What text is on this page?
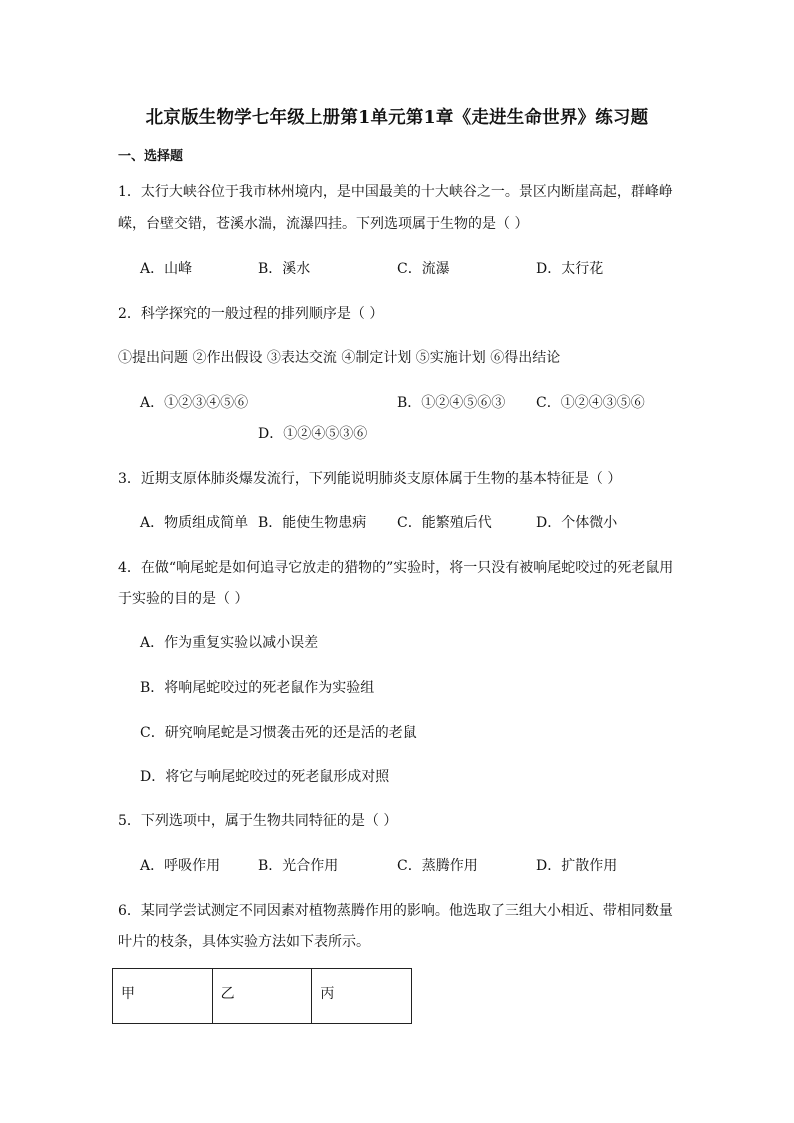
北京版生物学七年级上册第1单元第1章《走进生命世界》练习题
一、选择题
1．太行大峡谷位于我市林州境内，是中国最美的十大峡谷之一。景区内断崖高起，群峰峥
嵘，台壁交错，苍溪水湍，流瀑四挂。下列选项属于生物的是（ ）
A．山峰	B．溪水	C．流瀑	D．太行花
2．科学探究的一般过程的排列顺序是（ ）
①提出问题 ②作出假设 ③表达交流 ④制定计划 ⑤实施计划 ⑥得出结论
A．①②③④⑤⑥	B．①②④⑤⑥③ C．①②④③⑤⑥
D．①②④⑤③⑥
3．近期支原体肺炎爆发流行，下列能说明肺炎支原体属于生物的基本特征是（ ）
A．物质组成简单 B．能使生物患病 C．能繁殖后代	D．个体微小
4．在做“响尾蛇是如何追寻它放走的猎物的”实验时，将一只没有被响尾蛇咬过的死老鼠用
于实验的目的是（ ）
A．作为重复实验以减小误差
B．将响尾蛇咬过的死老鼠作为实验组
C．研究响尾蛇是习惯袭击死的还是活的老鼠
D．将它与响尾蛇咬过的死老鼠形成对照
5．下列选项中，属于生物共同特征的是（ ）
A．呼吸作用	B．光合作用	C．蒸腾作用	D．扩散作用
6．某同学尝试测定不同因素对植物蒸腾作用的影响。他选取了三组大小相近、带相同数量
叶片的枝条，具体实验方法如下表所示。
甲	乙	丙
